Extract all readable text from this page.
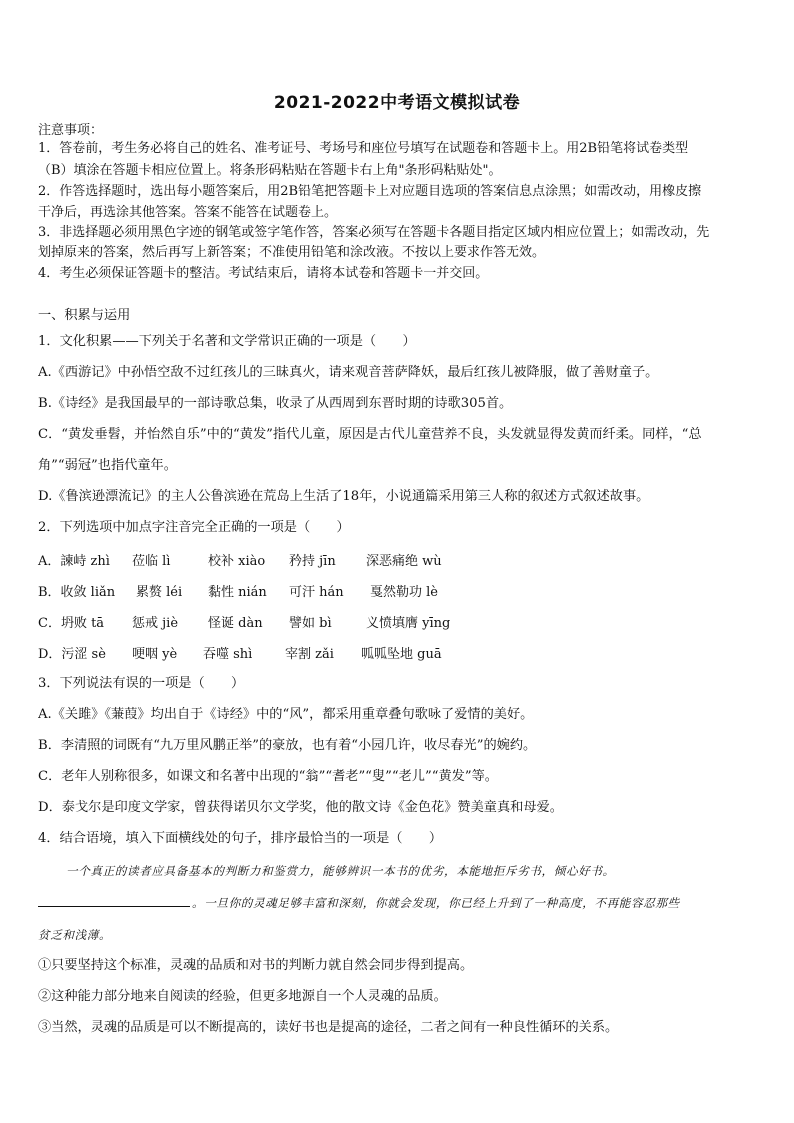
2021-2022中考语文模拟试卷
注意事项：
1．答卷前，考生务必将自己的姓名、准考证号、考场号和座位号填写在试题卷和答题卡上。用2B铅笔将试卷类型
（B）填涂在答题卡相应位置上。将条形码粘贴在答题卡右上角"条形码粘贴处"。
2．作答选择题时，选出每小题答案后，用2B铅笔把答题卡上对应题目选项的答案信息点涂黑；如需改动，用橡皮擦
干净后，再选涂其他答案。答案不能答在试题卷上。
3．非选择题必须用黑色字迹的钢笔或签字笔作答，答案必须写在答题卡各题目指定区域内相应位置上；如需改动，先
划掉原来的答案，然后再写上新答案；不准使用铅笔和涂改液。不按以上要求作答无效。
4．考生必须保证答题卡的整洁。考试结束后，请将本试卷和答题卡一并交回。
一、积累与运用
1．文化积累——下列关于名著和文学常识正确的一项是（　　）
A.《西游记》中孙悟空敌不过红孩儿的三昧真火，请来观音菩萨降妖，最后红孩儿被降服，做了善财童子。
B.《诗经》是我国最早的一部诗歌总集，收录了从西周到东晋时期的诗歌305首。
C．“黄发垂髫，并怡然自乐”中的“黄发”指代儿童，原因是古代儿童营养不良，头发就显得发黄而纤柔。同样，“总
角”“弱冠”也指代童年。
D.《鲁滨逊漂流记》的主人公鲁滨逊在荒岛上生活了18年，小说通篇采用第三人称的叙述方式叙述故事。
2．下列选项中加点字注音完全正确的一项是（　　）
A．諫峙 zhì 莅临 lì	校补 xiào 矜持 jīn 深恶痛绝 wù
B．收敛 liǎn 累赘 léi 黏性 nián 可汗 hán 戛然勒功 lè
C．坍败 tā 惩戒 jiè 怪诞 dàn 譬如 bì	义愤填膺 yīng
D．污涩 sè 哽咽 yè 吞噬 shì	宰割 zǎi 呱呱坠地 guā
3．下列说法有误的一项是（　　）
A.《关雎》《蒹葭》均出自于《诗经》中的“风”，都采用重章叠句歌咏了爱情的美好。
B．李清照的词既有“九万里风鹏正举”的豪放，也有着“小园几许，收尽春光”的婉约。
C．老年人别称很多，如课文和名著中出现的“翁”“耆老”“叟”“老儿”“黄发”等。
D．泰戈尔是印度文学家，曾获得诺贝尔文学奖，他的散文诗《金色花》赞美童真和母爱。
4．结合语境，填入下面横线处的句子，排序最恰当的一项是（　　）
一个真正的读者应具备基本的判断力和鉴赏力，能够辨识一本书的优劣，本能地拒斥劣书，倾心好书。
。一旦你的灵魂足够丰富和深刻，你就会发现，你已经上升到了一种高度，不再能容忍那些
贫乏和浅薄。
①只要坚持这个标准，灵魂的品质和对书的判断力就自然会同步得到提高。
②这种能力部分地来自阅读的经验，但更多地源自一个人灵魂的品质。
③当然，灵魂的品质是可以不断提高的，读好书也是提高的途径，二者之间有一种良性循环的关系。
